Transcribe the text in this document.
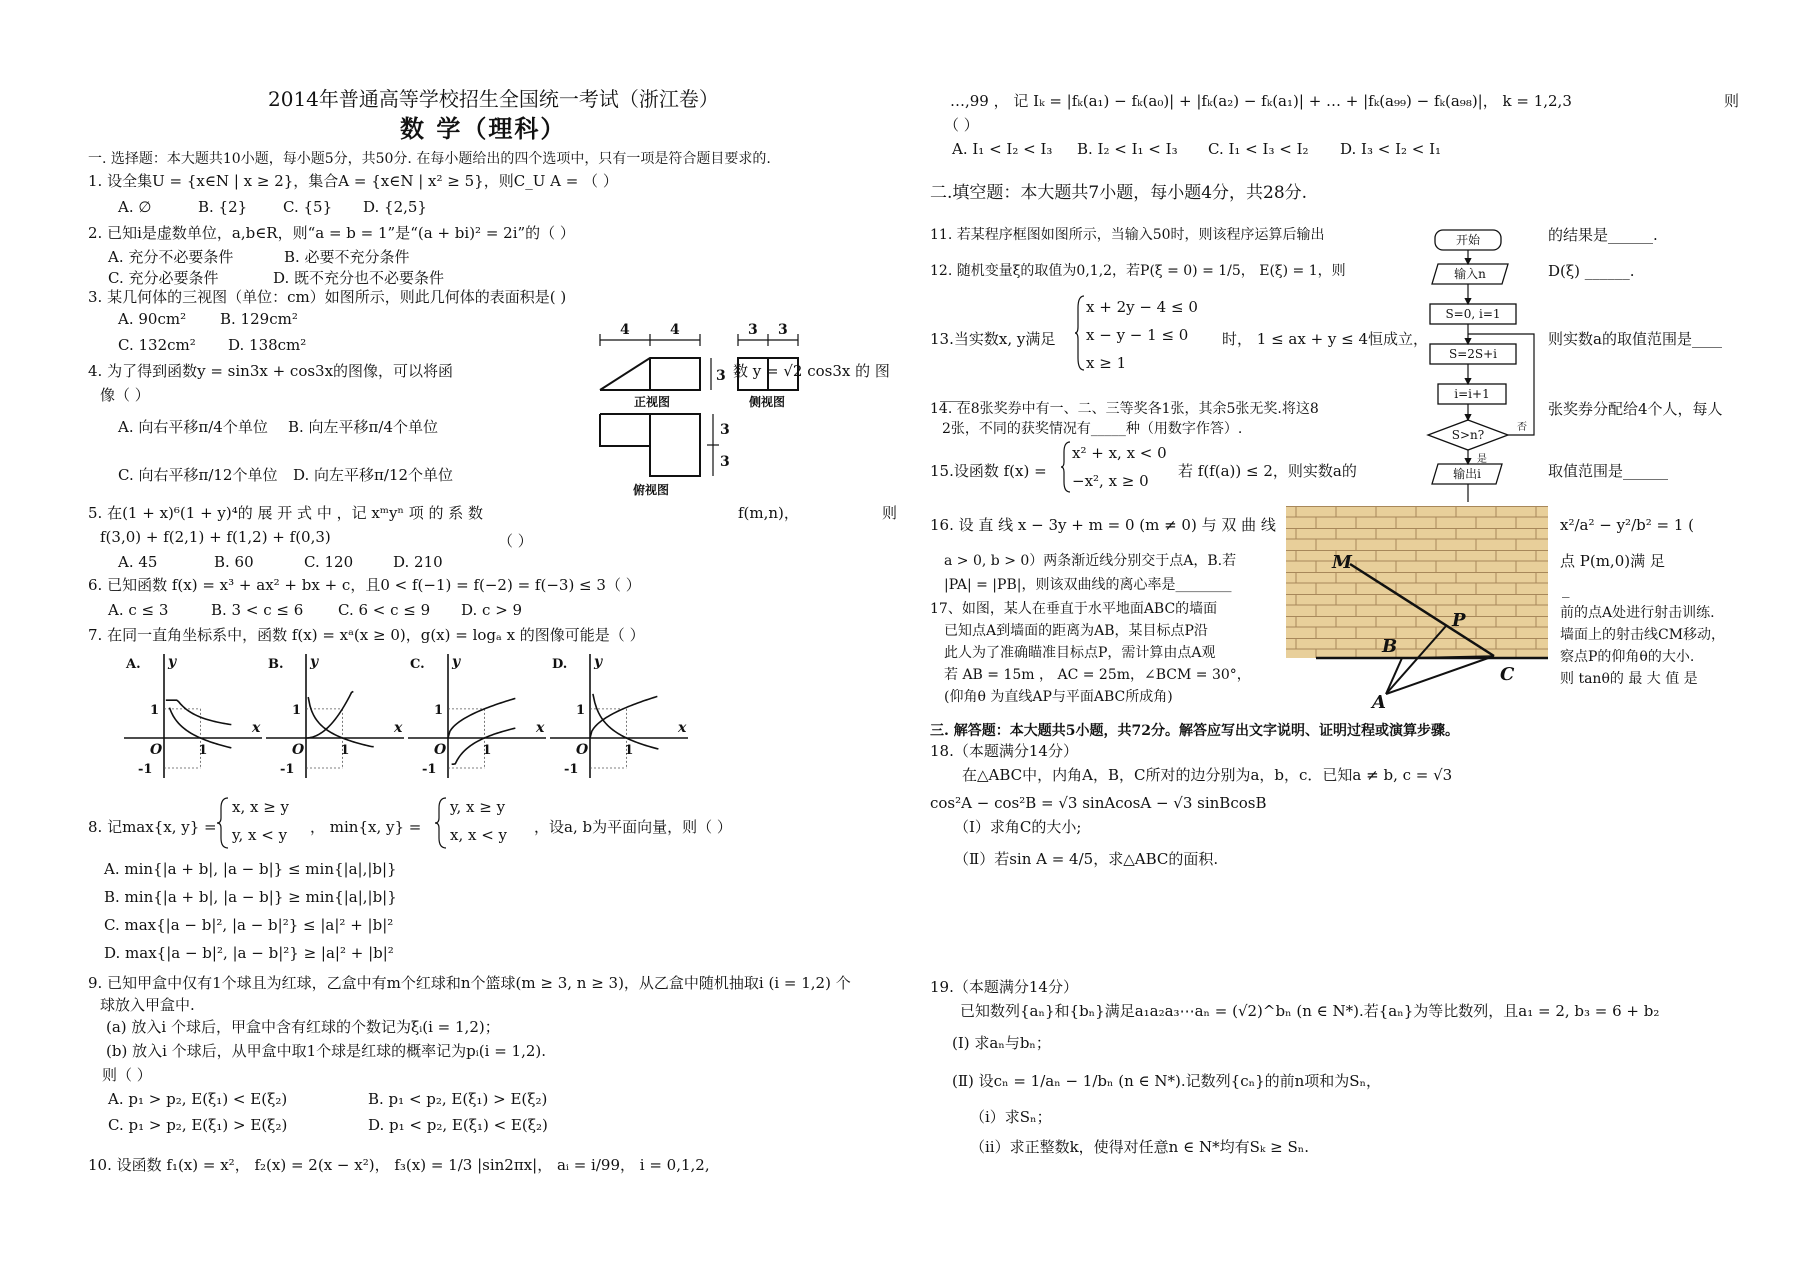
2014年普通高等学校招生全国统一考试（浙江卷）
数 学（理科）
一. 选择题：本大题共10小题，每小题5分，共50分. 在每小题给出的四个选项中，只有一项是符合题目要求的.
1. 设全集U = {x∈N | x ≥ 2}，集合A = {x∈N | x² ≥ 5}，则C_U A = （ ）
A. ∅	B. {2} C. {5} D. {2,5}
2. 已知i是虚数单位，a,b∈R，则“a = b = 1”是“(a + bi)² = 2i”的（ ）
A. 充分不必要条件	B. 必要不充分条件
C. 充分必要条件	D. 既不充分也不必要条件
3. 某几何体的三视图（单位：cm）如图所示，则此几何体的表面积是( )
A. 90cm² B. 129cm²
C. 132cm² D. 138cm²
4	4	3 3
3
3
3
正视图	侧视图
俯视图
4. 为了得到函数y = sin3x + cos3x的图像，可以将函	数 y = √2 cos3x 的 图
像（ ）
A. 向右平移π/4个单位 B. 向左平移π/4个单位
C. 向右平移π/12个单位 D. 向左平移π/12个单位
5. 在(1 + x)⁶(1 + y)⁴的 展 开 式 中 ，记 xᵐyⁿ 项 的 系 数	f(m,n)，	则
f(3,0) + f(2,1) + f(1,2) + f(0,3)	（ ）
A. 45	B. 60	C. 120	D. 210
6. 已知函数 f(x) = x³ + ax² + bx + c，且0 < f(−1) = f(−2) = f(−3) ≤ 3（ ）
A. c ≤ 3	B. 3 < c ≤ 6 C. 6 < c ≤ 9 D. c > 9
7. 在同一直角坐标系中，函数 f(x) = xᵃ(x ≥ 0)，g(x) = logₐ x 的图像可能是（ ）
A. y
x
O
1
1
-1
B. y
x
O
1
1
-1
C. y
x
O
1
1
-1
D. y
x
O
1
1
-1
8. 记max{x, y} =
x, x ≥ y
y, x < y ， min{x, y} =
y, x ≥ y
x, x < y ，设a, b为平面向量，则（ ）
A. min{|a + b|, |a − b|} ≤ min{|a|,|b|}
B. min{|a + b|, |a − b|} ≥ min{|a|,|b|}
C. max{|a − b|², |a − b|²} ≤ |a|² + |b|²
D. max{|a − b|², |a − b|²} ≥ |a|² + |b|²
9. 已知甲盒中仅有1个球且为红球，乙盒中有m个红球和n个篮球(m ≥ 3, n ≥ 3)，从乙盒中随机抽取i (i = 1,2) 个
球放入甲盒中.
(a) 放入i 个球后，甲盒中含有红球的个数记为ξᵢ(i = 1,2)；
(b) 放入i 个球后，从甲盒中取1个球是红球的概率记为pᵢ(i = 1,2).
则（ ）
A. p₁ > p₂, E(ξ₁) < E(ξ₂)	B. p₁ < p₂, E(ξ₁) > E(ξ₂)
C. p₁ > p₂, E(ξ₁) > E(ξ₂)	D. p₁ < p₂, E(ξ₁) < E(ξ₂)
10. 设函数 f₁(x) = x²， f₂(x) = 2(x − x²)， f₃(x) = 1/3 |sin2πx|， aᵢ = i/99， i = 0,1,2,
…,99 ， 记 Iₖ = |fₖ(a₁) − fₖ(a₀)| + |fₖ(a₂) − fₖ(a₁)| + … + |fₖ(a₉₉) − fₖ(a₉₈)|， k = 1,2,3	则
（ ）
A. I₁ < I₂ < I₃ B. I₂ < I₁ < I₃ C. I₁ < I₃ < I₂ D. I₃ < I₂ < I₁
二.填空题：本大题共7小题，每小题4分，共28分.
11. 若某程序框图如图所示，当输入50时，则该程序运算后输出	的结果是______.
12. 随机变量ξ的取值为0,1,2，若P(ξ = 0) = 1/5， E(ξ) = 1，则	D(ξ) ______.
13.当实数x, y满足
x + 2y − 4 ≤ 0
x − y − 1 ≤ 0
x ≥ 1
时， 1 ≤ ax + y ≤ 4恒成立，	则实数a的取值范围是____
____
14. 在8张奖券中有一、二、三等奖各1张，其余5张无奖.将这8
2张，不同的获奖情况有_____种（用数字作答）.
张奖券分配给4个人，每人
15.设函数 f(x) =
x² + x, x < 0
−x², x ≥ 0
若 f(f(a)) ≤ 2，则实数a的	取值范围是______
开始
输入n
S=0, i=1
S=2S+i
i=i+1
S>n?
输出i
是
否
16. 设 直 线 x − 3y + m = 0 (m ≠ 0) 与 双 曲 线	x²/a² − y²/b² = 1 (
a > 0, b > 0）两条渐近线分别交于点A，B.若	点 P(m,0)满 足
|PA| = |PB|，则该双曲线的离心率是________	_
17、如图，某人在垂直于水平地面ABC的墙面
已知点A到墙面的距离为AB，某目标点P沿
此人为了准确瞄准目标点P，需计算由点A观
若 AB = 15m ， AC = 25m，∠BCM = 30°，
(仰角θ 为直线AP与平面ABC所成角)
前的点A处进行射击训练.
墙面上的射击线CM移动，
察点P的仰角θ的大小.
则 tanθ的 最 大 值 是
M
P
B
C
A
三. 解答题：本大题共5小题，共72分。解答应写出文字说明、证明过程或演算步骤。
18.（本题满分14分）
在△ABC中，内角A，B，C所对的边分别为a，b，c．已知a ≠ b, c = √3
cos²A − cos²B = √3 sinAcosA − √3 sinBcosB
（Ⅰ）求角C的大小;
（Ⅱ）若sin A = 4/5，求△ABC的面积.
19.（本题满分14分）
已知数列{aₙ}和{bₙ}满足a₁a₂a₃⋯aₙ = (√2)^bₙ (n ∈ N*).若{aₙ}为等比数列，且a₁ = 2, b₃ = 6 + b₂
(Ⅰ) 求aₙ与bₙ；
(Ⅱ) 设cₙ = 1/aₙ − 1/bₙ (n ∈ N*).记数列{cₙ}的前n项和为Sₙ，
（i）求Sₙ；
（ii）求正整数k，使得对任意n ∈ N*均有Sₖ ≥ Sₙ.
